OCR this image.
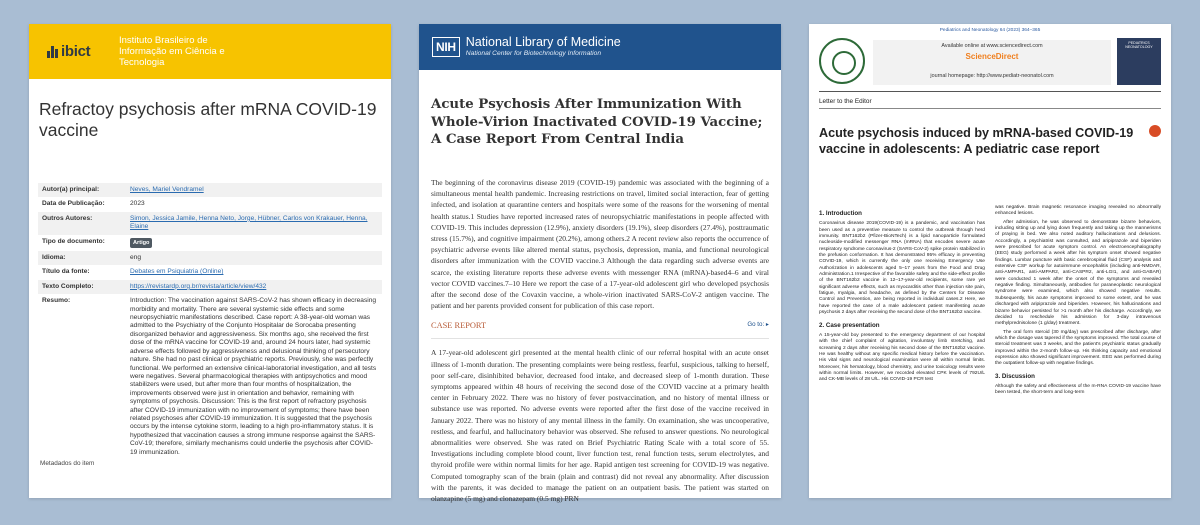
ibict
Instituto Brasileiro de Informação em Ciência e Tecnologia
Refractoy psychosis after mRNA COVID-19 vaccine
Autor(a) principal:	Neves, Mariel Vendramel
Data de Publicação:	2023
Outros Autores:	Simon, Jessica Jamile, Henna Neto, Jorge, Hübner, Carlos von Krakauer, Henna, Elaine
Tipo de documento:	Artigo
Idioma:	eng
Título da fonte:	Debates em Psiquiatria (Online)
Texto Completo:	https://revistardp.org.br/revista/article/view/432
Resumo:	Introduction: The vaccination against SARS-CoV-2 has shown efficacy in decreasing morbidity and mortality. There are several systemic side effects and some neuropsychiatric manifestations described. Case report: A 38-year-old woman was admitted to the Psychiatry of the Conjunto Hospitalar de Sorocaba presenting disorganized behavior and aggressiveness. Six months ago, she received the first dose of the mRNA vaccine for COVID-19 and, around 24 hours later, had systemic adverse effects followed by aggressiveness and delusional thinking of persecutory nature. She had no past clinical or psychiatric reports. Previously, she was perfectly functional. We performed an extensive clinical-laboratorial investigation, and all tests were negatives. Several pharmacological therapies with antipsychotics and mood stabilizers were used, but after more than four months of hospitalization, the improvements observed were just in orientation and behavior, remaining with symptoms of psychosis. Discussion: This is the first report of refractory psychosis after COVID-19 immunization with no improvement of symptoms; there have been related psychoses after COVID-19 immunization. It is suggested that the psychosis occurs by the intense cytokine storm, leading to a high pro-inflammatory status. It is hypothesized that vaccination causes a strong immune response against the SARS-CoV-19; therefore, similarly mechanisms could underlie the psychosis after COVID-19 immunization.
Metadados do item
NIH National Library of Medicine
National Center for Biotechnology Information
Acute Psychosis After Immunization With Whole-Virion Inactivated COVID-19 Vaccine; A Case Report From Central India

The beginning of the coronavirus disease 2019 (COVID-19) pandemic was associated with the beginning of a simultaneous mental health pandemic. Increasing restrictions on travel, limited social interaction, fear of getting infected, and isolation at quarantine centers and hospitals were some of the reasons for the worsening of mental health status.1 Studies have reported increased rates of neuropsychiatric manifestations in people affected with COVID-19. This includes depression (12.9%), anxiety disorders (19.1%), sleep disorders (27.4%), posttraumatic stress (15.7%), and cognitive impairment (20.2%), among others.2 A recent review also reports the occurrence of psychiatric adverse events like altered mental status, psychosis, depression, mania, and functional neurological disorders after immunization with the COVID vaccine.3 Although the data regarding such adverse events are scarce, the existing literature reports these adverse events with messenger RNA (mRNA)-based4–6 and viral vector COVID vaccines.7–10 Here we report the case of a 17-year-old adolescent girl who developed psychosis after the second dose of the Covaxin vaccine, a whole-virion inactivated SARS-CoV-2 antigen vaccine. The patient and her parents provided consent for publication of this case report.

CASE REPORT	Go to: ▸

A 17-year-old adolescent girl presented at the mental health clinic of our referral hospital with an acute onset illness of 1-month duration. The presenting complaints were being restless, fearful, suspicious, talking to herself, poor self-care, disinhibited behavior, decreased food intake, and decreased sleep of 1-month duration. These symptoms appeared within 48 hours of receiving the second dose of the COVID vaccine at a primary health center in February 2022. There was no history of fever postvaccination, and no history of mental illness or substance use was reported. No adverse events were reported after the first dose of the vaccine received in January 2022. There was no history of any mental illness in the family. On examination, she was uncooperative, restless, and fearful, and hallucinatory behavior was observed. She refused to answer questions. No neurological abnormalities were observed. She was rated on Brief Psychiatric Rating Scale with a total score of 55. Investigations including complete blood count, liver function test, renal function tests, serum electrolytes, and thyroid profile were within normal limits for her age. Rapid antigen test screening for COVID-19 was negative. Computed tomography scan of the brain (plain and contrast) did not reveal any abnormality. After discussion with the parents, it was decided to manage the patient on an outpatient basis. The patient was started on olanzapine (5 mg) and clonazepam (0.5 mg) PRN

Pediatrics and Neonatology 64 (2023) 364–365
Available online at www.sciencedirect.com
ScienceDirect
journal homepage: http://www.pediatr-neonatol.com
PEDIATRICS
NEONATOLOGY
Letter to the Editor
Acute psychosis induced by mRNA-based COVID-19 vaccine in adolescents: A pediatric case report
1. Introduction

Coronavirus disease 2019(COVID-19) is a pandemic, and vaccination has been used as a preventive measure to control the outbreak through herd immunity. BNT162b2 (Pfizer-BioNTech) is a lipid nanoparticle formulated nucleoside-modified messenger RNA (mRNA) that encodes severe acute respiratory syndrome coronavirus-2 (SARS-CoV-2) spike protein stabilized in the prefusion conformation. It has demonstrated 95% efficacy in preventing COVID-19, which is currently the only one receiving Emergency Use Authorization in adolescents aged 5–17 years from the Food and Drug Administration.1 Irrespective of the favorable safety and the side-effect profile of the BNT162b2 vaccine in 12–17-year-old recipients, some rare yet significant adverse effects, such as myocarditis other than injection site pain, fatigue, myalgia, and headache, as defined by the Centers for Disease Control and Prevention, are being reported in individual cases.2 Here, we have reported the case of a male adolescent patient manifesting acute psychosis 2 days after receiving the second dose of the BNT162b2 vaccine.

2. Case presentation

A 15-year-old boy presented to the emergency department of our hospital with the chief complaint of agitation, involuntary limb stretching, and screaming 2 days after receiving his second dose of the BNT162b2 vaccine. He was healthy without any specific medical history before the vaccination. His vital signs and neurological examination were all within normal limits. Moreover, his hematology, blood chemistry, and urine toxicology results were within normal limits. However, we recorded elevated CPK levels of 792U/L and CK-MB levels of 28 U/L. His COVID-19 PCR test

was negative. Brain magnetic resonance imaging revealed no abnormally enhanced lesions.

After admission, he was observed to demonstrate bizarre behaviors, including sitting up and lying down frequently and taking up the mannerisms of praying in bed. We also noted auditory hallucinations and delusions. Accordingly, a psychiatrist was consulted, and aripiprazole and biperiden were prescribed for acute symptom control. An electroencephalography (EEG) study performed a week after his symptom onset showed negative findings. Lumbar puncture with basic cerebrospinal fluid (CSF) analysis and extensive CSF workup for autoimmune encephalitis (including anti-NMDAR, anti-AMPAR1, anti-AMPAR2, anti-CASPR2, anti-LGI1, and anti-GABAR) were conducted 1 week after the onset of the symptoms and revealed negative finding. Simultaneously, antibodies for paraneoplastic neurological syndrome were examined, which also showed negative results. Subsequently, his acute symptoms improved to some extent, and he was discharged with aripiprazole and biperiden. However, his hallucinations and bizarre behavior persisted for >1 month after his discharge. Accordingly, we decided to reschedule his admission for 3-day intravenous methylprednisolone (1 g/day) treatment.

The oral form steroid (30 mg/day) was prescribed after discharge, after which the dosage was tapered if the symptoms improved. The total course of steroid treatment was 3 weeks, and the patient's psychiatric status gradually improved within the 2-month follow-up. His thinking capacity and emotional expression also showed significant improvement. EEG was performed during the outpatient follow-up with negative findings.

3. Discussion

Although the safety and effectiveness of the m-RNA COVID-19 vaccine have been tested, the short-term and long-term
